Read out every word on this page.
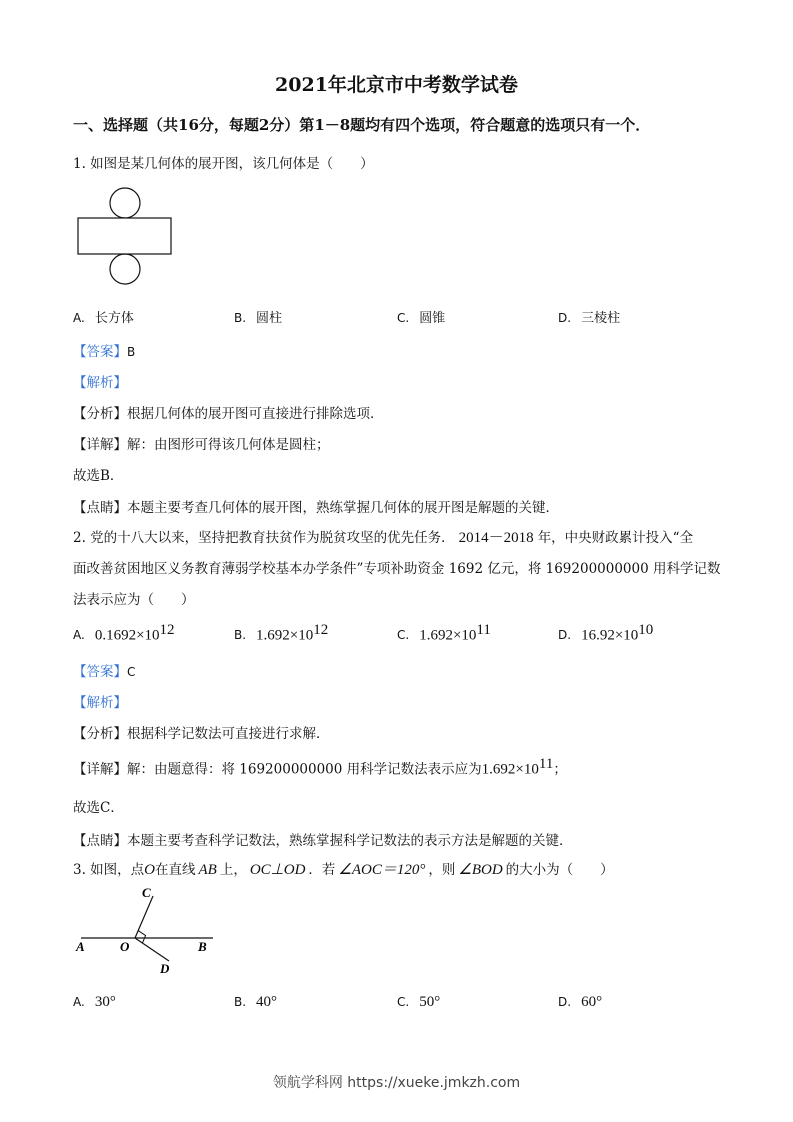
2021年北京市中考数学试卷
一、选择题（共16分，每题2分）第1－8题均有四个选项，符合题意的选项只有一个．
1. 如图是某几何体的展开图，该几何体是（　　）
A. 长方体	B. 圆柱	C. 圆锥	D. 三棱柱
【答案】B
【解析】
【分析】根据几何体的展开图可直接进行排除选项．
【详解】解：由图形可得该几何体是圆柱；
故选B．
【点睛】本题主要考查几何体的展开图，熟练掌握几何体的展开图是解题的关键．
2. 党的十八大以来，坚持把教育扶贫作为脱贫攻坚的优先任务． 2014－2018 年，中央财政累计投入“全
面改善贫困地区义务教育薄弱学校基本办学条件”专项补助资金 1692 亿元，将 169200000000 用科学记数
法表示应为（　　）
A. $0.1692\times 10^{12}$	B. $1.692\times 10^{12}$	C. $1.692\times 10^{11}$	D. $16.92\times 10^{10}$
【答案】C
【解析】
【分析】根据科学记数法可直接进行求解．
【详解】解：由题意得：将 169200000000 用科学记数法表示应为$1.692\times 10^{11}$；
故选C．
【点睛】本题主要考查科学记数法，熟练掌握科学记数法的表示方法是解题的关键．
3. 如图，点O在直线 AB 上， OC⊥OD ．若 ∠AOC＝120° ，则 ∠BOD 的大小为（　　）
C
A	O	B
D
A. 30°	B. 40°	C. 50°	D. 60°
领航学科网 https://xueke.jmkzh.com
